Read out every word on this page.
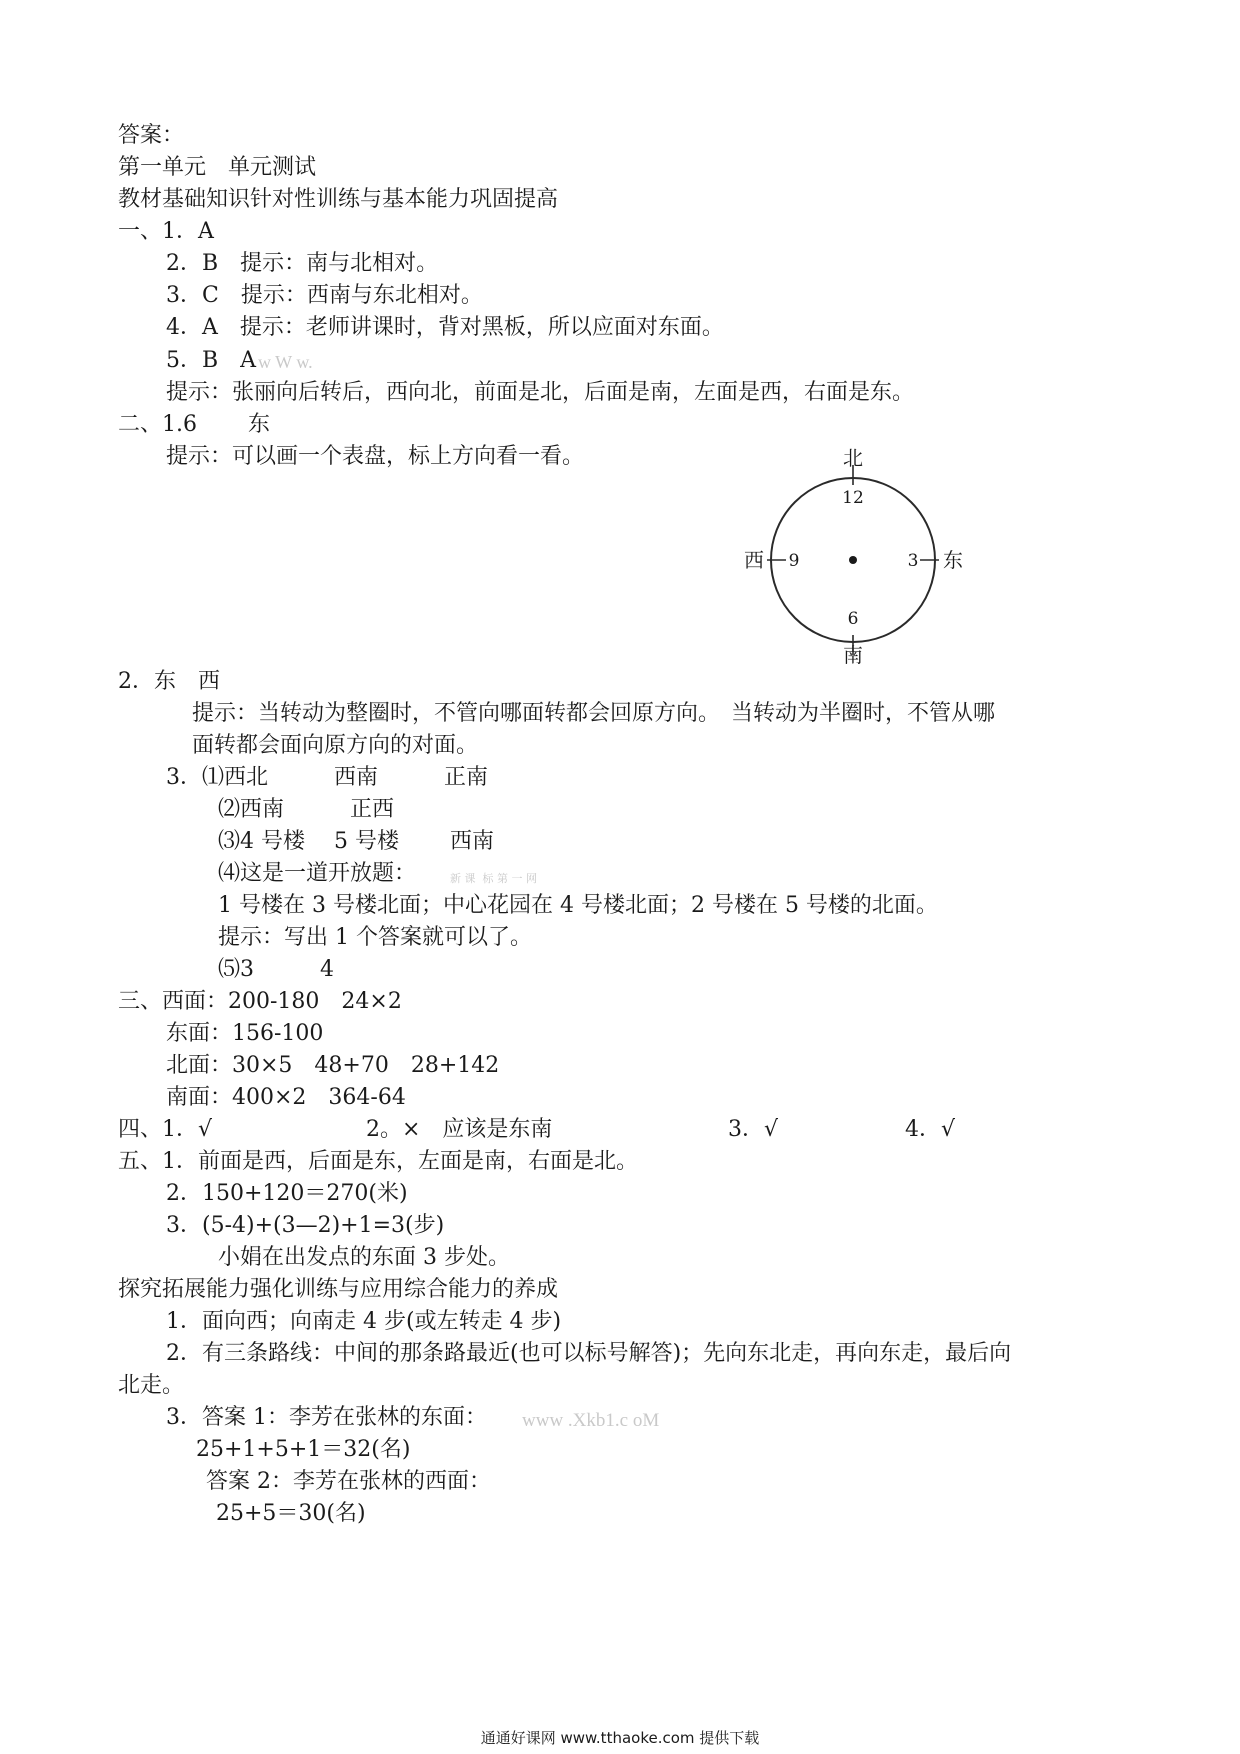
答案：
第一单元　单元测试
教材基础知识针对性训练与基本能力巩固提高
一、1．A
2．B　提示：南与北相对。
3．C　提示：西南与东北相对。
4．A　提示：老师讲课时，背对黑板，所以应面对东面。
5．B　A w W w.
提示：张丽向后转后，西向北，前面是北，后面是南，左面是西，右面是东。
二、1.6　　 东
提示：可以画一个表盘，标上方向看一看。	北
12
西 9	3 东
6
南
2．东　西
提示：当转动为整圈时，不管向哪面转都会回原方向。　当转动为半圈时，不管从哪
面转都会面向原方向的对面。
3．⑴西北　　　西南　　　正南
⑵西南　　　正西
⑶4 号楼　 5 号楼　　 西南
⑷这是一道开放题：	新 课  标 第 一 网
1 号楼在 3 号楼北面；中心花园在 4 号楼北面；2 号楼在 5 号楼的北面。
提示：写出 1 个答案就可以了。
⑸3　　　4
三、西面：200-180　24×2
东面：156-100
北面：30×5　48+70　28+142
南面：400×2　364-64
四、1．√	2。×　应该是东南	3．√	4．√
五、1．前面是西，后面是东，左面是南，右面是北。
2．150+120＝270(米)
3．(5-4)+(3—2)+1=3(步)
小娟在出发点的东面 3 步处。
探究拓展能力强化训练与应用综合能力的养成
1．面向西；向南走 4 步(或左转走 4 步)
2．有三条路线：中间的那条路最近(也可以标号解答)；先向东北走，再向东走，最后向
北走。
3．答案 1：李芳在张林的东面： www .Xkb1.c oM
25+1+5+1＝32(名)
答案 2：李芳在张林的西面：
25+5＝30(名)
通通好课网 www.tthaoke.com 提供下载
